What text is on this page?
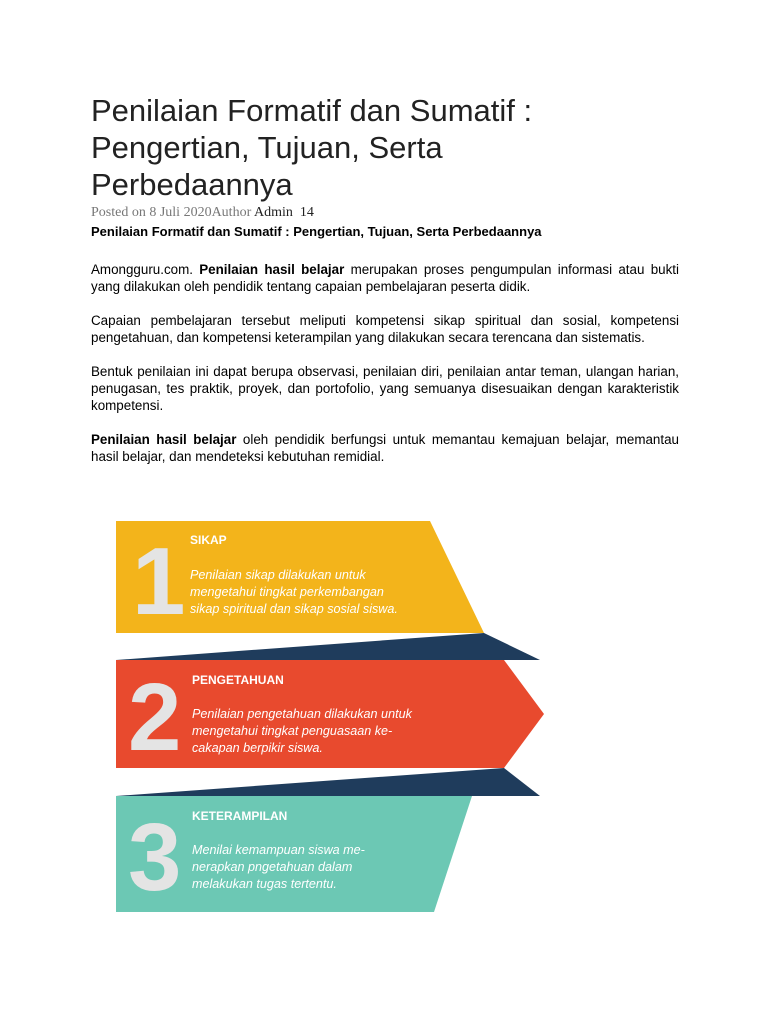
Penilaian Formatif dan Sumatif :
Pengertian, Tujuan, Serta
Perbedaannya
Posted on 8 Juli 2020Author Admin 14
Penilaian Formatif dan Sumatif : Pengertian, Tujuan, Serta Perbedaannya

Amongguru.com. Penilaian hasil belajar merupakan proses pengumpulan informasi atau bukti yang dilakukan oleh pendidik tentang capaian pembelajaran peserta didik.

Capaian pembelajaran tersebut meliputi kompetensi sikap spiritual dan sosial, kompetensi pengetahuan, dan kompetensi keterampilan yang dilakukan secara terencana dan sistematis.

Bentuk penilaian ini dapat berupa observasi, penilaian diri, penilaian antar teman, ulangan harian, penugasan, tes praktik, proyek, dan portofolio, yang semuanya disesuaikan dengan karakteristik kompetensi.

Penilaian hasil belajar oleh pendidik berfungsi untuk memantau kemajuan belajar, memantau hasil belajar, dan mendeteksi kebutuhan remidial.

1 SIKAP
Penilaian sikap dilakukan untuk
mengetahui tingkat perkembangan
sikap spiritual dan sikap sosial siswa.
2 PENGETAHUAN
Penilaian pengetahuan dilakukan untuk
mengetahui tingkat penguasaan ke-
cakapan berpikir siswa.
3 KETERAMPILAN
Menilai kemampuan siswa me-
nerapkan pngetahuan dalam
melakukan tugas tertentu.
